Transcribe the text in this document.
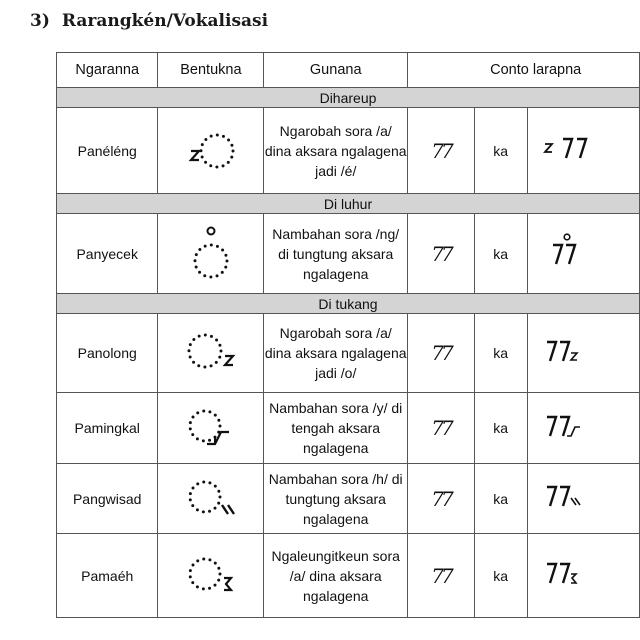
3) Rarangkén/Vokalisasi
Ngaranna	Bentukna	Gunana	Conto larapna		
Dihareup					
Panéléng		Ngarobah sora /a/
dina aksara ngalagena
jadi /é/	77	ka	
Di luhur					
Panyecek		Nambahan sora /ng/
di tungtung aksara
ngalagena	77	ka	
Di tukang					
Panolong		Ngarobah sora /a/
dina aksara ngalagena
jadi /o/	77	ka	
Pamingkal		Nambahan sora /y/ di
tengah aksara
ngalagena	77	ka	
Pangwisad		Nambahan sora /h/ di
tungtung aksara
ngalagena	77	ka	
Pamaéh		Ngaleungitkeun sora
/a/ dina aksara
ngalagena	77	ka	
